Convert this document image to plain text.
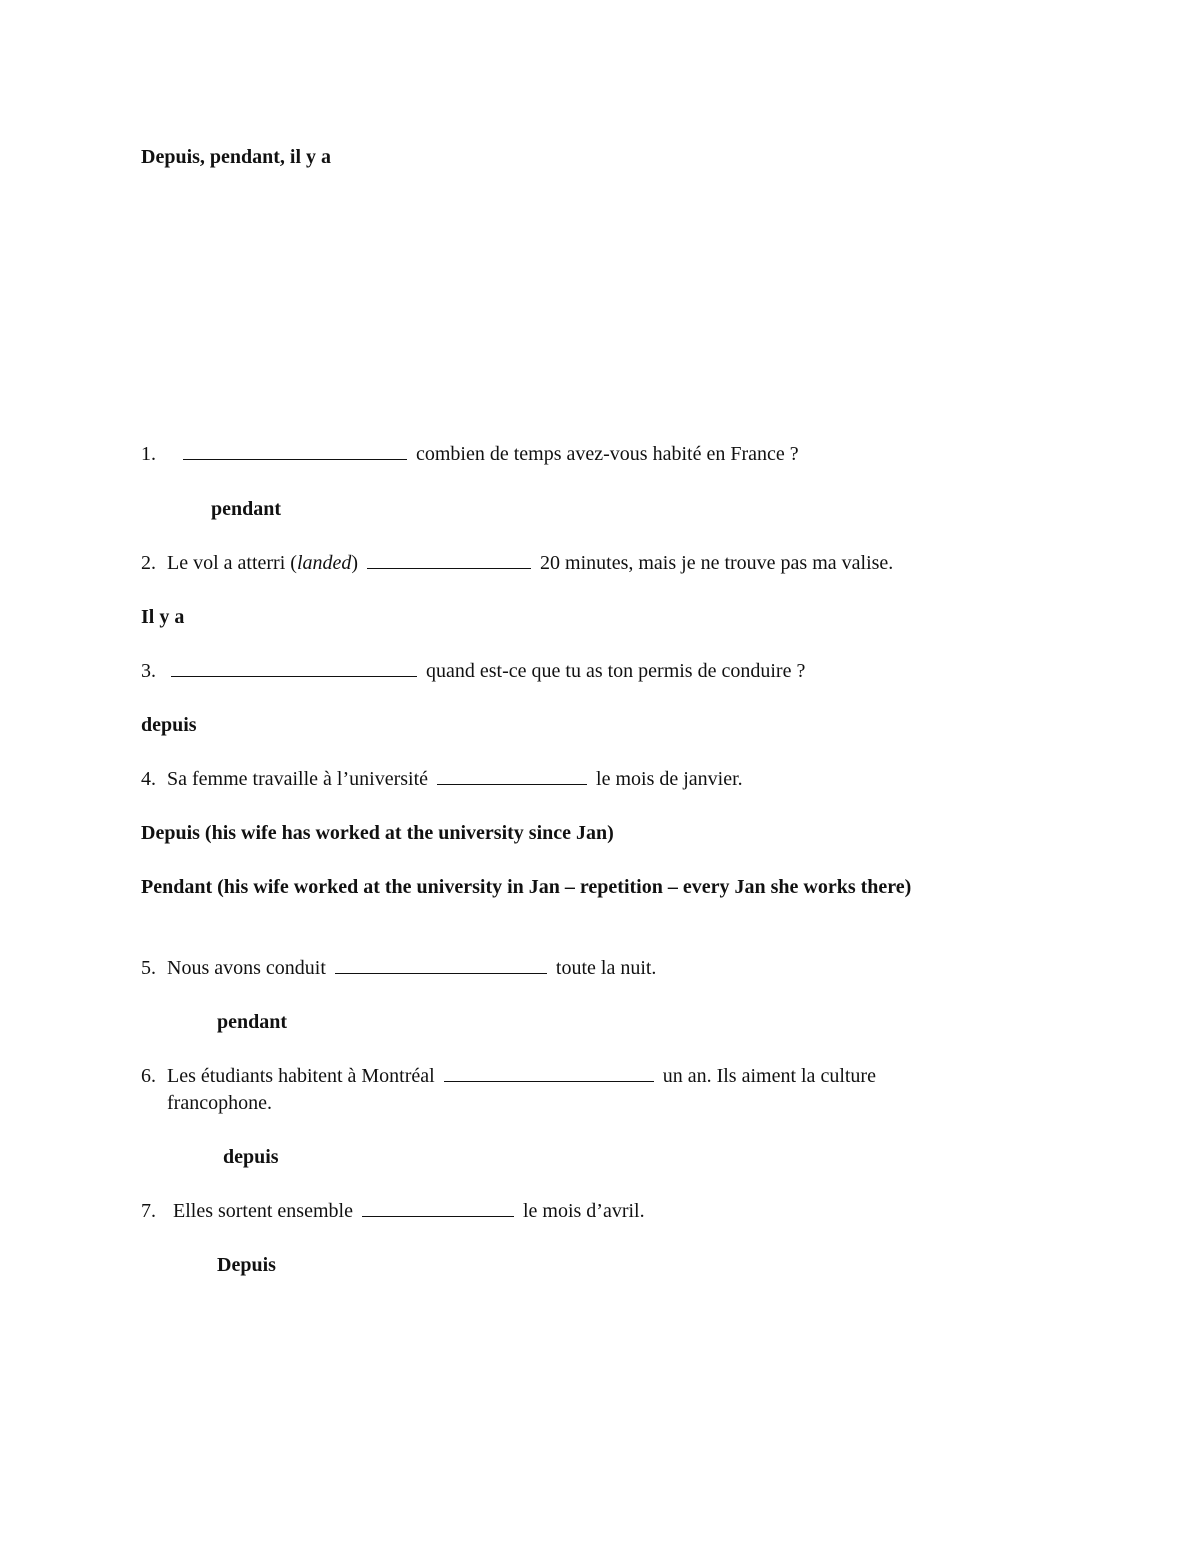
Depuis, pendant, il y a
1.	combien de temps avez-vous habité en France ?
pendant
2. Le vol a atterri (landed)	20 minutes, mais je ne trouve pas ma valise.
Il y a
3.	quand est-ce que tu as ton permis de conduire ?
depuis
4. Sa femme travaille à l’université	le mois de janvier.
Depuis (his wife has worked at the university since Jan)
Pendant (his wife worked at the university in Jan – repetition – every Jan she works there)
5. Nous avons conduit	toute la nuit.
pendant
6. Les étudiants habitent à Montréal	un an. Ils aiment la culture
francophone.
depuis
7. Elles sortent ensemble	le mois d’avril.
Depuis
